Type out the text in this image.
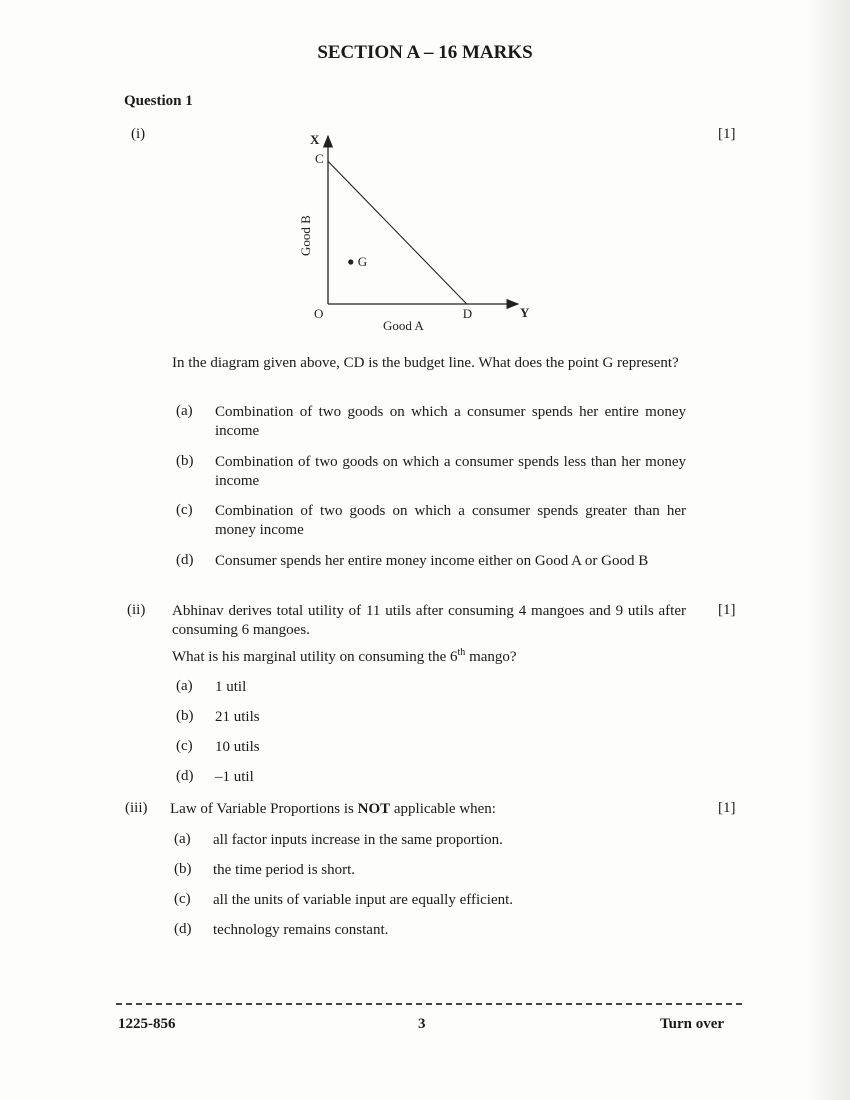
SECTION A – 16 MARKS
Question 1
(i)	[1]
X
Y
O
C
D
G
Good A
Good B
In the diagram given above, CD is the budget line. What does the point G represent?
(a) Combination of two goods on which a consumer spends her entire money income
(b) Combination of two goods on which a consumer spends less than her money income
(c) Combination of two goods on which a consumer spends greater than her money income
(d) Consumer spends her entire money income either on Good A or Good B
(ii)	[1]
Abhinav derives total utility of 11 utils after consuming 4 mangoes and 9 utils after consuming 6 mangoes.
What is his marginal utility on consuming the 6th mango?
(a) 1 util
(b) 21 utils
(c) 10 utils
(d) –1 util
(iii)	[1]
Law of Variable Proportions is NOT applicable when:
(a) all factor inputs increase in the same proportion.
(b) the time period is short.
(c) all the units of variable input are equally efficient.
(d) technology remains constant.
1225-856	3	Turn over
